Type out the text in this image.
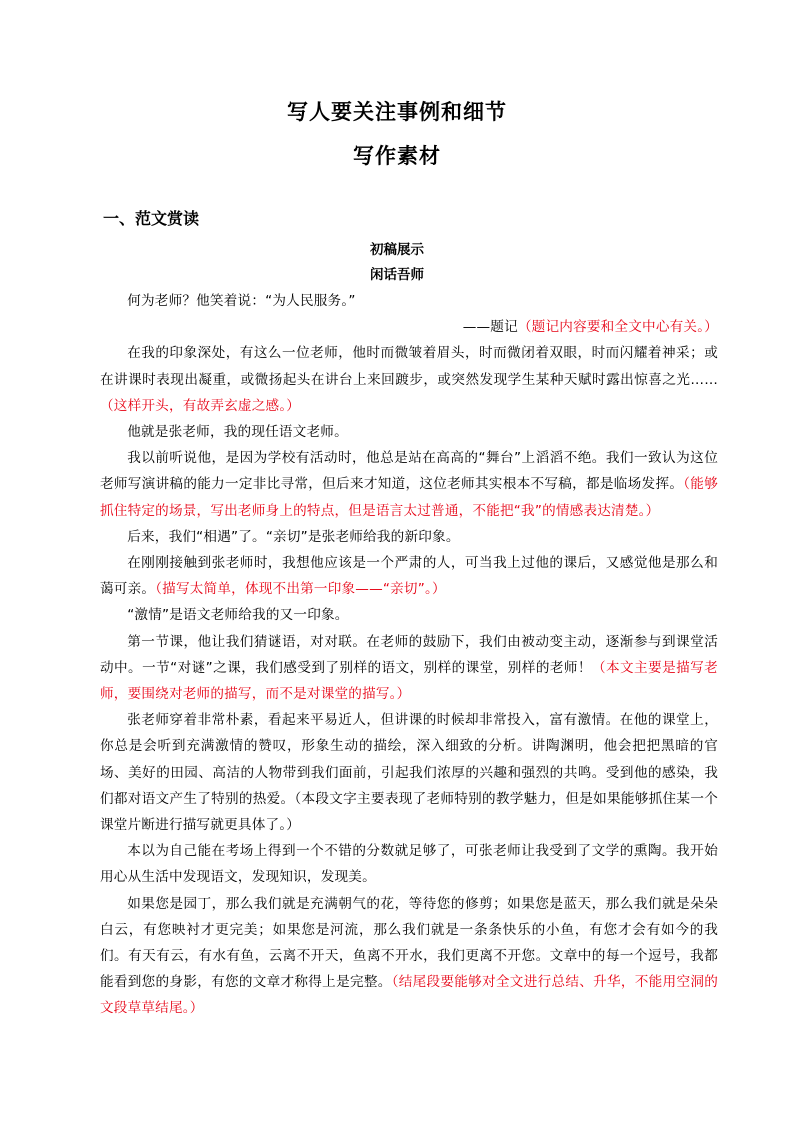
写人要关注事例和细节
写作素材
一、范文赏读
初稿展示
闲话吾师

何为老师？他笑着说：“为人民服务。”

——题记（题记内容要和全文中心有关。）

在我的印象深处，有这么一位老师，他时而微皱着眉头，时而微闭着双眼，时而闪耀着神采；或在讲课时表现出凝重，或微扬起头在讲台上来回踱步，或突然发现学生某种天赋时露出惊喜之光……（这样开头，有故弄玄虚之感。）

他就是张老师，我的现任语文老师。

我以前听说他，是因为学校有活动时，他总是站在高高的“舞台”上滔滔不绝。我们一致认为这位老师写演讲稿的能力一定非比寻常，但后来才知道，这位老师其实根本不写稿，都是临场发挥。（能够抓住特定的场景，写出老师身上的特点，但是语言太过普通，不能把“我”的情感表达清楚。）

后来，我们“相遇”了。“亲切”是张老师给我的新印象。

在刚刚接触到张老师时，我想他应该是一个严肃的人，可当我上过他的课后，又感觉他是那么和蔼可亲。（描写太简单，体现不出第一印象——“亲切”。）

“激情”是语文老师给我的又一印象。

第一节课，他让我们猜谜语，对对联。在老师的鼓励下，我们由被动变主动，逐渐参与到课堂活动中。一节“对谜”之课，我们感受到了别样的语文，别样的课堂，别样的老师！（本文主要是描写老师，要围绕对老师的描写，而不是对课堂的描写。）

张老师穿着非常朴素，看起来平易近人，但讲课的时候却非常投入，富有激情。在他的课堂上，你总是会听到充满激情的赞叹，形象生动的描绘，深入细致的分析。讲陶渊明，他会把把黑暗的官场、美好的田园、高洁的人物带到我们面前，引起我们浓厚的兴趣和强烈的共鸣。受到他的感染，我们都对语文产生了特别的热爱。（本段文字主要表现了老师特别的教学魅力，但是如果能够抓住某一个课堂片断进行描写就更具体了。）

本以为自己能在考场上得到一个不错的分数就足够了，可张老师让我受到了文学的熏陶。我开始用心从生活中发现语文，发现知识，发现美。

如果您是园丁，那么我们就是充满朝气的花，等待您的修剪；如果您是蓝天，那么我们就是朵朵白云，有您映衬才更完美；如果您是河流，那么我们就是一条条快乐的小鱼，有您才会有如今的我们。有天有云，有水有鱼，云离不开天，鱼离不开水，我们更离不开您。文章中的每一个逗号，我都能看到您的身影，有您的文章才称得上是完整。（结尾段要能够对全文进行总结、升华，不能用空洞的文段草草结尾。）
